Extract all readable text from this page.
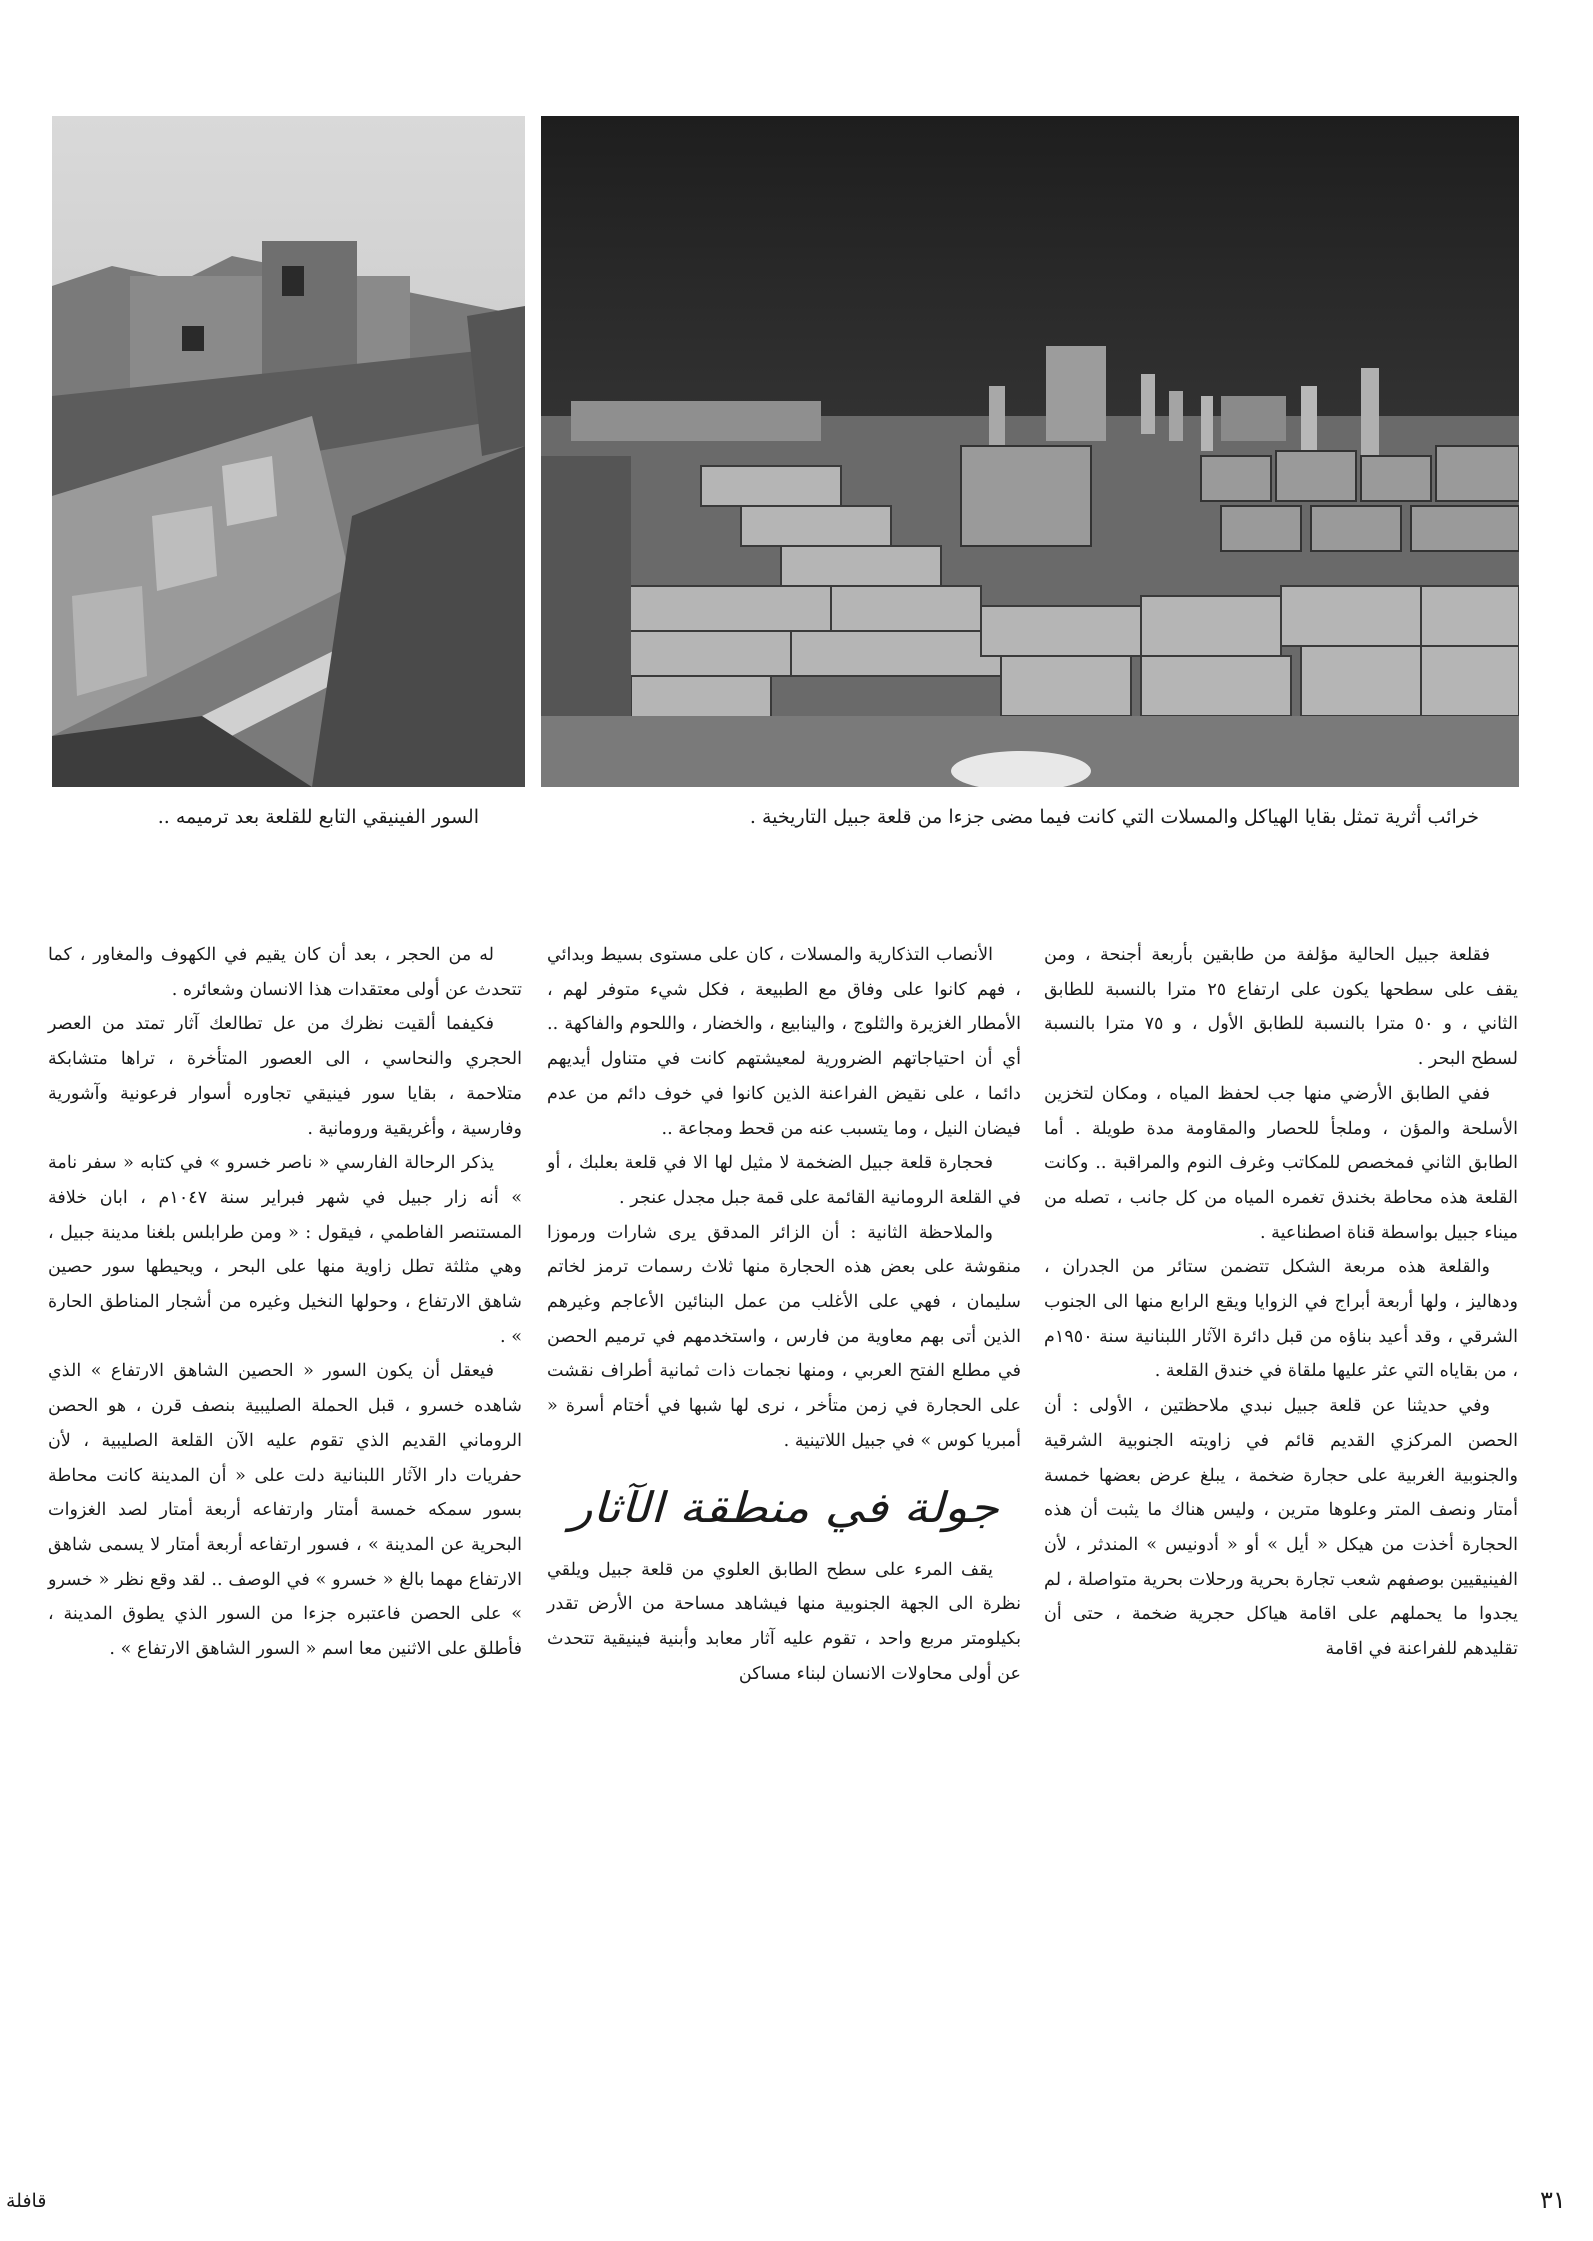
خرائب أثرية تمثل بقايا الهياكل والمسلات التي كانت فيما مضى جزءا من قلعة جبيل التاريخية .
السور الفينيقي التابع للقلعة بعد ترميمه ..

فقلعة جبيل الحالية مؤلفة من طابقين بأربعة أجنحة ، ومن يقف على سطحها يكون على ارتفاع ٢٥ مترا بالنسبة للطابق الثاني ، و ٥٠ مترا بالنسبة للطابق الأول ، و ٧٥ مترا بالنسبة لسطح البحر .

ففي الطابق الأرضي منها جب لحفظ المياه ، ومكان لتخزين الأسلحة والمؤن ، وملجأ للحصار والمقاومة مدة طويلة . أما الطابق الثاني فمخصص للمكاتب وغرف النوم والمراقبة .. وكانت القلعة هذه محاطة بخندق تغمره المياه من كل جانب ، تصله من ميناء جبيل بواسطة قناة اصطناعية .

والقلعة هذه مربعة الشكل تتضمن ستائر من الجدران ، ودهاليز ، ولها أربعة أبراج في الزوايا ويقع الرابع منها الى الجنوب الشرقي ، وقد أعيد بناؤه من قبل دائرة الآثار اللبنانية سنة ١٩٥٠م ، من بقاياه التي عثر عليها ملقاة في خندق القلعة .

وفي حديثنا عن قلعة جبيل نبدي ملاحظتين ، الأولى : أن الحصن المركزي القديم قائم في زاويته الجنوبية الشرقية والجنوبية الغربية على حجارة ضخمة ، يبلغ عرض بعضها خمسة أمتار ونصف المتر وعلوها مترين ، وليس هناك ما يثبت أن هذه الحجارة أخذت من هيكل « أيل » أو « أدونيس » المندثر ، لأن الفينيقيين بوصفهم شعب تجارة بحرية ورحلات بحرية متواصلة ، لم يجدوا ما يحملهم على اقامة هياكل حجرية ضخمة ، حتى أن تقليدهم للفراعنة في اقامة

الأنصاب التذكارية والمسلات ، كان على مستوى بسيط وبدائي ، فهم كانوا على وفاق مع الطبيعة ، فكل شيء متوفر لهم ، الأمطار الغزيرة والثلوج ، والينابيع ، والخضار ، واللحوم والفاكهة .. أي أن احتياجاتهم الضرورية لمعيشتهم كانت في متناول أيديهم دائما ، على نقيض الفراعنة الذين كانوا في خوف دائم من عدم فيضان النيل ، وما يتسبب عنه من قحط ومجاعة ..

فحجارة قلعة جبيل الضخمة لا مثيل لها الا في قلعة بعلبك ، أو في القلعة الرومانية القائمة على قمة جبل مجدل عنجر .

والملاحظة الثانية : أن الزائر المدقق يرى شارات ورموزا منقوشة على بعض هذه الحجارة منها ثلاث رسمات ترمز لخاتم سليمان ، فهي على الأغلب من عمل البنائين الأعاجم وغيرهم الذين أتى بهم معاوية من فارس ، واستخدمهم في ترميم الحصن في مطلع الفتح العربي ، ومنها نجمات ذات ثمانية أطراف نقشت على الحجارة في زمن متأخر ، نرى لها شبها في أختام أسرة « أمبريا كوس » في جبيل اللاتينية .

جولة في منطقة الآثار

يقف المرء على سطح الطابق العلوي من قلعة جبيل ويلقي نظرة الى الجهة الجنوبية منها فيشاهد مساحة من الأرض تقدر بكيلومتر مربع واحد ، تقوم عليه آثار معابد وأبنية فينيقية تتحدث عن أولى محاولات الانسان لبناء مساكن

له من الحجر ، بعد أن كان يقيم في الكهوف والمغاور ، كما تتحدث عن أولى معتقدات هذا الانسان وشعائره .

فكيفما ألقيت نظرك من عل تطالعك آثار تمتد من العصر الحجري والنحاسي ، الى العصور المتأخرة ، تراها متشابكة متلاحمة ، بقايا سور فينيقي تجاوره أسوار فرعونية وآشورية وفارسية ، وأغريقية ورومانية .

يذكر الرحالة الفارسي « ناصر خسرو » في كتابه « سفر نامة » أنه زار جبيل في شهر فبراير سنة ١٠٤٧م ، ابان خلافة المستنصر الفاطمي ، فيقول : « ومن طرابلس بلغنا مدينة جبيل ، وهي مثلثة تطل زاوية منها على البحر ، ويحيطها سور حصين شاهق الارتفاع ، وحولها النخيل وغيره من أشجار المناطق الحارة » .

فيعقل أن يكون السور « الحصين الشاهق الارتفاع » الذي شاهده خسرو ، قبل الحملة الصليبية بنصف قرن ، هو الحصن الروماني القديم الذي تقوم عليه الآن القلعة الصليبية ، لأن حفريات دار الآثار اللبنانية دلت على « أن المدينة كانت محاطة بسور سمكه خمسة أمتار وارتفاعه أربعة أمتار لصد الغزوات البحرية عن المدينة » ، فسور ارتفاعه أربعة أمتار لا يسمى شاهق الارتفاع مهما بالغ « خسرو » في الوصف .. لقد وقع نظر « خسرو » على الحصن فاعتبره جزءا من السور الذي يطوق المدينة ، فأطلق على الاثنين معا اسم « السور الشاهق الارتفاع » .

٣١
قافلة
